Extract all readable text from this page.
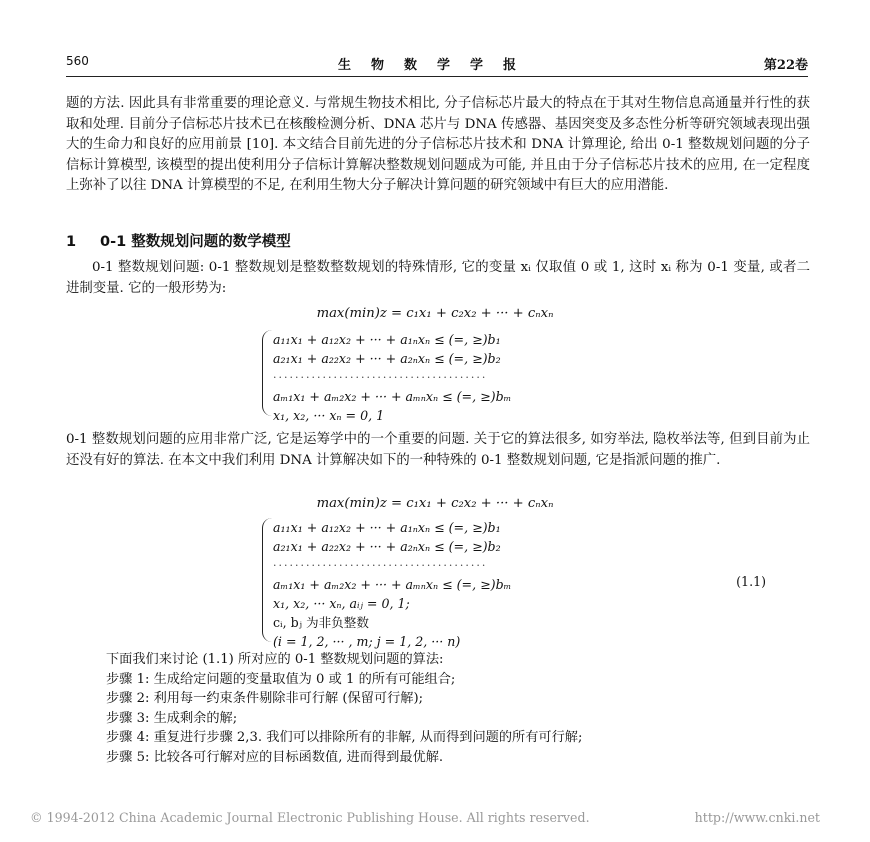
560	生物数学学报	第22卷
题的方法. 因此具有非常重要的理论意义. 与常规生物技术相比, 分子信标芯片最大的特点在于其对生物信息高通量并行性的获取和处理. 目前分子信标芯片技术已在核酸检测分析、DNA 芯片与 DNA 传感器、基因突变及多态性分析等研究领域表现出强大的生命力和良好的应用前景 [10]. 本文结合目前先进的分子信标芯片技术和 DNA 计算理论, 给出 0-1 整数规划问题的分子信标计算模型, 该模型的提出使利用分子信标计算解决整数规划问题成为可能, 并且由于分子信标芯片技术的应用, 在一定程度上弥补了以往 DNA 计算模型的不足, 在利用生物大分子解决计算问题的研究领域中有巨大的应用潜能.
1 0-1 整数规划问题的数学模型
0-1 整数规划问题: 0-1 整数规划是整数整数规划的特殊情形, 它的变量 xᵢ 仅取值 0 或 1, 这时 xᵢ 称为 0-1 变量, 或者二进制变量. 它的一般形势为:
max(min)z = c₁x₁ + c₂x₂ + ··· + cₙxₙ
a₁₁x₁ + a₁₂x₂ + ··· + a₁ₙxₙ ≤ (=, ≥)b₁
a₂₁x₁ + a₂₂x₂ + ··· + a₂ₙxₙ ≤ (=, ≥)b₂
·······································
aₘ₁x₁ + aₘ₂x₂ + ··· + aₘₙxₙ ≤ (=, ≥)bₘ
x₁, x₂, ··· xₙ = 0, 1
0-1 整数规划问题的应用非常广泛, 它是运筹学中的一个重要的问题. 关于它的算法很多, 如穷举法, 隐枚举法等, 但到目前为止还没有好的算法. 在本文中我们利用 DNA 计算解决如下的一种特殊的 0-1 整数规划问题, 它是指派问题的推广.
max(min)z = c₁x₁ + c₂x₂ + ··· + cₙxₙ
a₁₁x₁ + a₁₂x₂ + ··· + a₁ₙxₙ ≤ (=, ≥)b₁
a₂₁x₁ + a₂₂x₂ + ··· + a₂ₙxₙ ≤ (=, ≥)b₂
·······································
aₘ₁x₁ + aₘ₂x₂ + ··· + aₘₙxₙ ≤ (=, ≥)bₘ
x₁, x₂, ··· xₙ, aᵢⱼ = 0, 1;
cᵢ, bⱼ 为非负整数
(i = 1, 2, ··· , m; j = 1, 2, ··· n)
(1.1)
下面我们来讨论 (1.1) 所对应的 0-1 整数规划问题的算法:
步骤 1: 生成给定问题的变量取值为 0 或 1 的所有可能组合;
步骤 2: 利用每一约束条件剔除非可行解 (保留可行解);
步骤 3: 生成剩余的解;
步骤 4: 重复进行步骤 2,3. 我们可以排除所有的非解, 从而得到问题的所有可行解;
步骤 5: 比较各可行解对应的目标函数值, 进而得到最优解.
© 1994-2012 China Academic Journal Electronic Publishing House. All rights reserved.	http://www.cnki.net
